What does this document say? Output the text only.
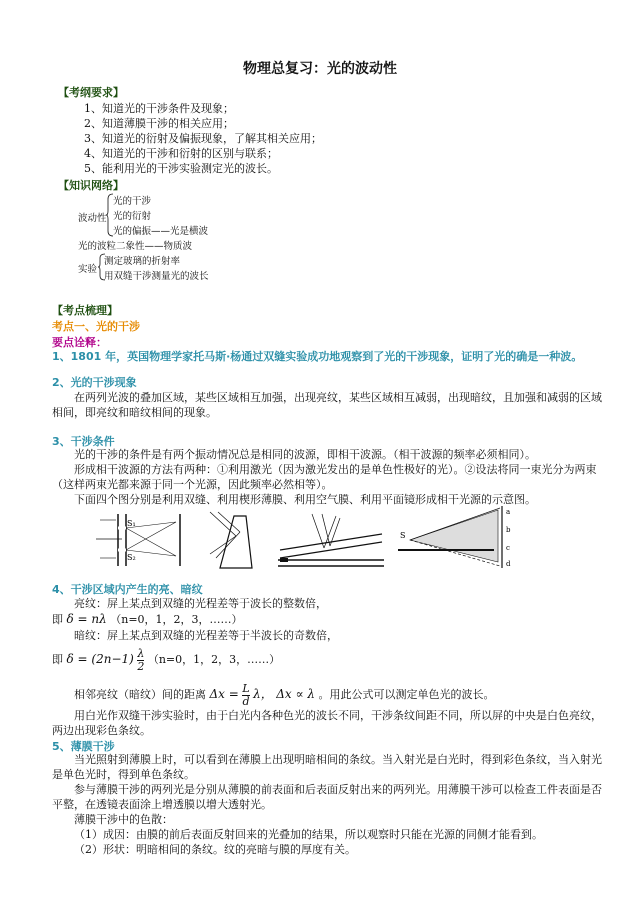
物理总复习：光的波动性
【考纲要求】
1、知道光的干涉条件及现象；
2、知道薄膜干涉的相关应用；
3、知道光的衍射及偏振现象，了解其相关应用；
4、知道光的干涉和衍射的区别与联系；
5、能利用光的干涉实验测定光的波长。
【知识网络】
波动性
光的干涉
光的衍射
光的偏振——光是横波
光的波粒二象性——物质波
实验
测定玻璃的折射率
用双缝干涉测量光的波长
【考点梳理】
考点一、光的干涉
要点诠释：
1、1801 年，英国物理学家托马斯·杨通过双缝实验成功地观察到了光的干涉现象，证明了光的确是一种波。
2、光的干涉现象
在两列光波的叠加区域，某些区域相互加强，出现亮纹，某些区域相互减弱，出现暗纹，且加强和减弱的区域相间，即亮纹和暗纹相间的现象。
3、干涉条件
光的干涉的条件是有两个振动情况总是相同的波源，即相干波源。（相干波源的频率必须相同）。
形成相干波源的方法有两种：①利用激光（因为激光发出的是单色性极好的光）。②设法将同一束光分为两束（这样两束光都来源于同一个光源，因此频率必然相等）。
下面四个图分别是利用双缝、利用楔形薄膜、利用空气膜、利用平面镜形成相干光源的示意图。
S₁
S₂
S
a
b
c
d
4、干涉区域内产生的亮、暗纹
亮纹：屏上某点到双缝的光程差等于波长的整数倍，
即 δ = nλ （n=0，1，2，3，……）
暗纹：屏上某点到双缝的光程差等于半波长的奇数倍，
即 $\delta = (2n-1) \frac{\lambda}{2} (n=0$，1，2，3，……）
相邻亮纹（暗纹）间的距离 $\Delta x = \frac{L}{d}$ λ， Δx ∝ λ 。用此公式可以测定单色光的波长。
用白光作双缝干涉实验时，由于白光内各种色光的波长不同，干涉条纹间距不同，所以屏的中央是白色亮纹，两边出现彩色条纹。
5、薄膜干涉
当光照射到薄膜上时，可以看到在薄膜上出现明暗相间的条纹。当入射光是白光时，得到彩色条纹，当入射光是单色光时，得到单色条纹。
参与薄膜干涉的两列光是分别从薄膜的前表面和后表面反射出来的两列光。用薄膜干涉可以检查工件表面是否平整，在透镜表面涂上增透膜以增大透射光。
薄膜干涉中的色散：
（1）成因：由膜的前后表面反射回来的光叠加的结果，所以观察时只能在光源的同侧才能看到。
（2）形状：明暗相间的条纹。纹的亮暗与膜的厚度有关。
